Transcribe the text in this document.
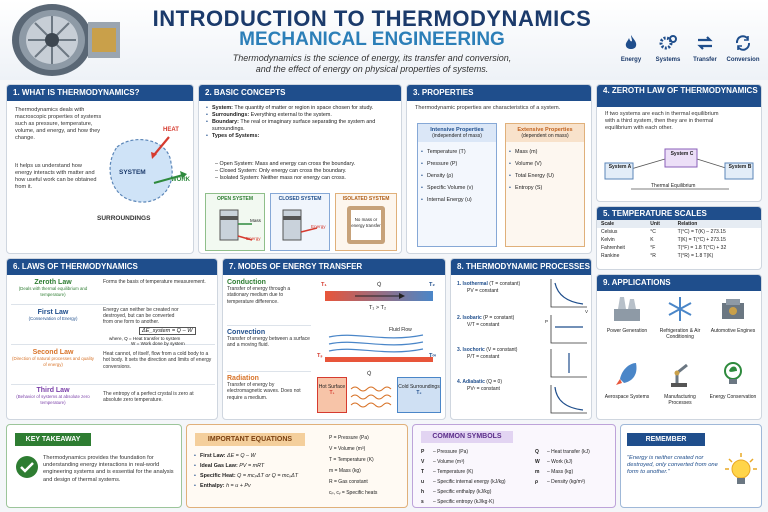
INTRODUCTION TO THERMODYNAMICS
MECHANICAL ENGINEERING
Thermodynamics is the science of energy, its transfer and conversion,
and the effect of energy on physical properties of systems.
Energy	Systems	Transfer	Conversion
1. WHAT IS THERMODYNAMICS?
Thermodynamics deals with macroscopic properties of systems such as pressure, temperature, volume, and energy, and how they change.
It helps us understand how energy interacts with matter and how useful work can be obtained from it.
SYSTEM
HEAT
WORK
SURROUNDINGS
2. BASIC CONCEPTS
• System: The quantity of matter or region in space chosen for study.
• Surroundings: Everything external to the system.
• Boundary: The real or imaginary surface separating the system and surroundings.
• Types of Systems:
– Open System: Mass and energy can cross the boundary.
– Closed System: Only energy can cross the boundary.
– Isolated System: Neither mass nor energy can cross.
OPEN SYSTEM
Mass
Energy
CLOSED SYSTEM
Energy
ISOLATED SYSTEM
No mass or energy transfer
3. PROPERTIES
Thermodynamic properties are characteristics of a system.
Intensive Properties
(independent of mass)
• Temperature (T)
• Pressure (P)
• Density (ρ)
• Specific Volume (v)
• Internal Energy (u)
Extensive Properties
(dependent on mass)
• Mass (m)
• Volume (V)
• Total Energy (U)
• Entropy (S)
4. ZEROTH LAW OF THERMODYNAMICS
If two systems are each in thermal equilibrium with a third system, then they are in thermal equilibrium with each other.
System A
System C
System B
Thermal Equilibrium
5. TEMPERATURE SCALES
Scale	Unit	Relation
Celsius	°C	T(°C) = T(K) – 273.15
Kelvin	K	T(K) = T(°C) + 273.15
Fahrenheit	°F	T(°F) = 1.8 T(°C) + 32
Rankine	°R	T(°R) = 1.8 T(K)
6. LAWS OF THERMODYNAMICS
Zeroth Law
(Deals with thermal equilibrium and temperature)
Forms the basis of temperature measurement.
First Law
(Conservation of Energy)
Energy can neither be created nor destroyed, but can be converted from one form to another.
ΔE_system = Q – W
where, Q = Heat transfer to system
W = Work done by system
Second Law
(Direction of natural processes and quality of energy)
Heat cannot, of itself, flow from a cold body to a hot body. It sets the direction and limits of energy conversions.
Third Law
(Behavior of systems at absolute zero temperature)
The entropy of a perfect crystal is zero at absolute zero temperature.
7. MODES OF ENERGY TRANSFER
Conduction
Transfer of energy through a stationary medium due to temperature difference.
T₁	Q̇	T₂
T₁ > T₂
Convection
Transfer of energy between a surface and a moving fluid.
Fluid Flow
Tₛ	T∞
Radiation
Transfer of energy by electromagnetic waves. Does not require a medium.
Hot Surface
T₁
Q̇
Cold Surroundings
T₂
8. THERMODYNAMIC PROCESSES
1. Isothermal (T = constant)
PV = constant
2. Isobaric (P = constant)
V/T = constant
3. Isochoric (V = constant)
P/T = constant
4. Adiabatic (Q = 0)
PVᵞ = constant
P
V
9. APPLICATIONS
Power Generation	Refrigeration & Air Conditioning
Automotive Engines
Aerospace Systems	Manufacturing Processes
Energy Conservation
KEY TAKEAWAY
Thermodynamics provides the foundation for understanding energy interactions in real-world engineering systems and is essential for the analysis and design of thermal systems.
IMPORTANT EQUATIONS
• First Law: ΔE = Q – W
• Ideal Gas Law: PV = mRT
• Specific Heat: Q = mcₚΔT or Q = mcᵥΔT
• Enthalpy: h = u + Pv
P = Pressure (Pa)
V = Volume (m³)
T = Temperature (K)
m = Mass (kg)
R = Gas constant
cₚ, cᵥ = Specific heats
COMMON SYMBOLS
P – Pressure (Pa)
V – Volume (m³)
T – Temperature (K)
u – Specific internal energy (kJ/kg)
h – Specific enthalpy (kJ/kg)
s – Specific entropy (kJ/kg·K)
Q – Heat transfer (kJ)
W – Work (kJ)
m – Mass (kg)
ρ – Density (kg/m³)
REMEMBER
"Energy is neither created nor destroyed, only converted from one form to another."
